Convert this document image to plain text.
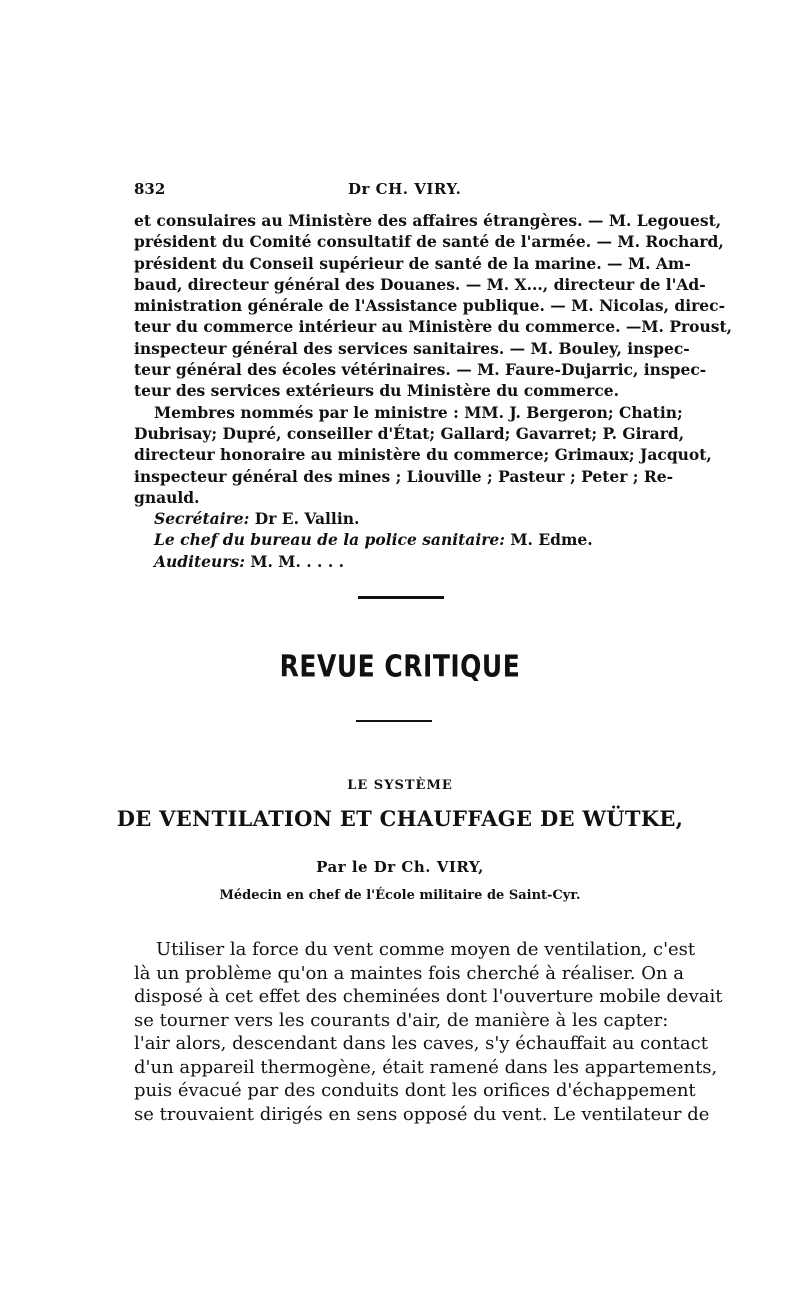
832	Dr CH. VIRY.
et consulaires au Ministère des affaires étrangères. — M. Legouest,
président du Comité consultatif de santé de l'armée. — M. Rochard,
président du Conseil supérieur de santé de la marine. — M. Am-
baud, directeur général des Douanes. — M. X..., directeur de l'Ad-
ministration générale de l'Assistance publique. — M. Nicolas, direc-
teur du commerce intérieur au Ministère du commerce. —M. Proust,
inspecteur général des services sanitaires. — M. Bouley, inspec-
teur général des écoles vétérinaires. — M. Faure-Dujarric, inspec-
teur des services extérieurs du Ministère du commerce.
Membres nommés par le ministre : MM. J. Bergeron; Chatin;
Dubrisay; Dupré, conseiller d'État; Gallard; Gavarret; P. Girard,
directeur honoraire au ministère du commerce; Grimaux; Jacquot,
inspecteur général des mines ; Liouville ; Pasteur ; Peter ; Re-
gnauld.
Secrétaire: Dr E. Vallin.
Le chef du bureau de la police sanitaire: M. Edme.
Auditeurs: M. M. . . . .
REVUE CRITIQUE
LE SYSTÈME
DE VENTILATION ET CHAUFFAGE DE WÜTKE,
Par le Dr Ch. VIRY,
Médecin en chef de l'École militaire de Saint-Cyr.
Utiliser la force du vent comme moyen de ventilation, c'est
là un problème qu'on a maintes fois cherché à réaliser. On a
disposé à cet effet des cheminées dont l'ouverture mobile devait
se tourner vers les courants d'air, de manière à les capter:
l'air alors, descendant dans les caves, s'y échauffait au contact
d'un appareil thermogène, était ramené dans les appartements,
puis évacué par des conduits dont les orifices d'échappement
se trouvaient dirigés en sens opposé du vent. Le ventilateur de
